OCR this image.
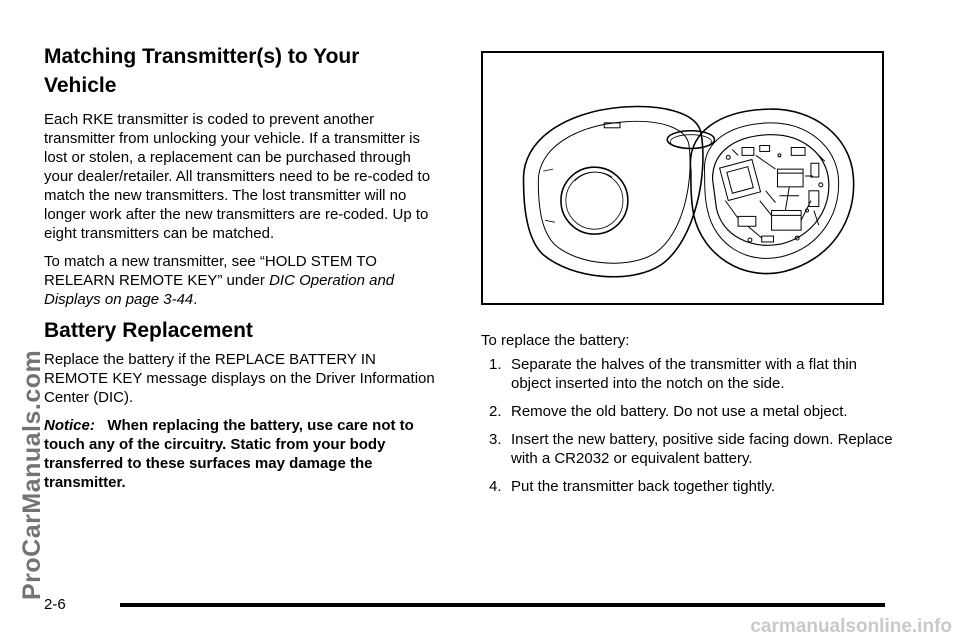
Matching Transmitter(s) to Your
Vehicle

Each RKE transmitter is coded to prevent another transmitter from unlocking your vehicle. If a transmitter is lost or stolen, a replacement can be purchased through your dealer/retailer. All transmitters need to be re-coded to match the new transmitters. The lost transmitter will no longer work after the new transmitters are re-coded. Up to eight transmitters can be matched.

To match a new transmitter, see “HOLD STEM TO RELEARN REMOTE KEY” under DIC Operation and Displays on page 3-44.

Battery Replacement

Replace the battery if the REPLACE BATTERY IN REMOTE KEY message displays on the Driver Information Center (DIC).

Notice: When replacing the battery, use care not to touch any of the circuitry. Static from your body transferred to these surfaces may damage the transmitter.

To replace the battery:

1. Separate the halves of the transmitter with a flat thin object inserted into the notch on the side.
2. Remove the old battery. Do not use a metal object.
3. Insert the new battery, positive side facing down. Replace with a CR2032 or equivalent battery.
4. Put the transmitter back together tightly.
2-6
ProCarManuals.com
carmanualsonline.info
